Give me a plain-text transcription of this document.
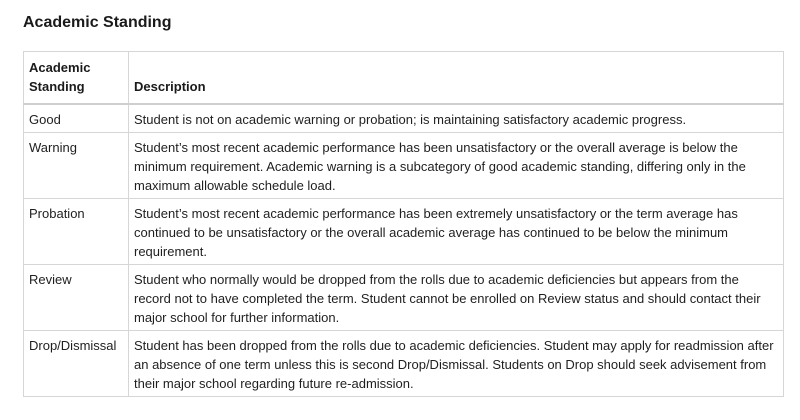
Academic Standing
Academic Standing	Description
Good	Student is not on academic warning or probation; is maintaining satisfactory academic progress.
Warning	Student’s most recent academic performance has been unsatisfactory or the overall average is below the minimum requirement. Academic warning is a subcategory of good academic standing, differing only in the maximum allowable schedule load.
Probation	Student’s most recent academic performance has been extremely unsatisfactory or the term average has continued to be unsatisfactory or the overall academic average has continued to be below the minimum requirement.
Review	Student who normally would be dropped from the rolls due to academic deficiencies but appears from the record not to have completed the term. Student cannot be enrolled on Review status and should contact their major school for further information.
Drop/Dismissal	Student has been dropped from the rolls due to academic deficiencies. Student may apply for readmission after an absence of one term unless this is second Drop/Dismissal. Students on Drop should seek advisement from their major school regarding future re-admission.
